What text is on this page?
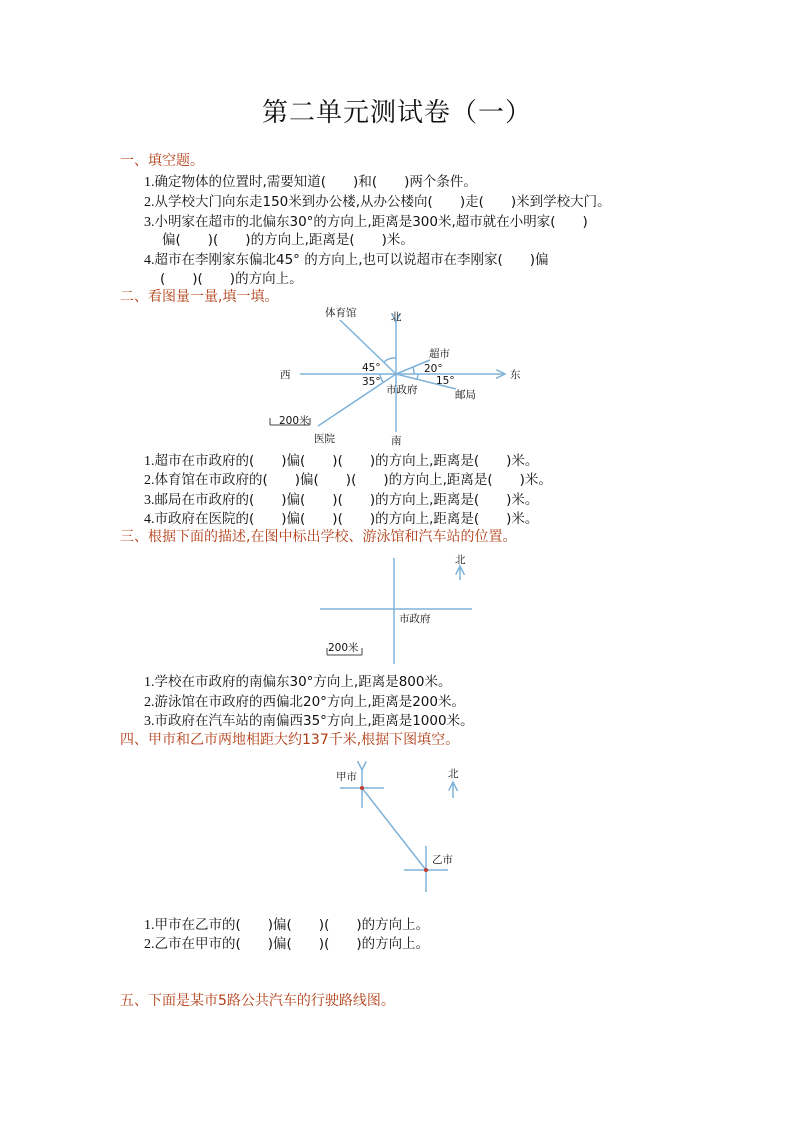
第二单元测试卷（一）
一、填空题。
1.确定物体的位置时,需要知道(　　)和(　　)两个条件。
2.从学校大门向东走150米到办公楼,从办公楼向(　　)走(　　)米到学校大门。
3.小明家在超市的北偏东30°的方向上,距离是300米,超市就在小明家(　　)
偏(　　)(　　)的方向上,距离是(　　)米。
4.超市在李刚家东偏北45° 的方向上,也可以说超市在李刚家(　　)偏
(　　)(　　)的方向上。
二、看图量一量,填一填。
北
南
西	东
体育馆
超市
市政府	邮局
医院
45°
35°
20°
15°
200米
北
市政府
200米
北
甲市
乙市
1.超市在市政府的(　　)偏(　　)(　　)的方向上,距离是(　　)米。
2.体育馆在市政府的(　　)偏(　　)(　　)的方向上,距离是(　　)米。
3.邮局在市政府的(　　)偏(　　)(　　)的方向上,距离是(　　)米。
4.市政府在医院的(　　)偏(　　)(　　)的方向上,距离是(　　)米。
三、根据下面的描述,在图中标出学校、游泳馆和汽车站的位置。
1.学校在市政府的南偏东30°方向上,距离是800米。
2.游泳馆在市政府的西偏北20°方向上,距离是200米。
3.市政府在汽车站的南偏西35°方向上,距离是1000米。
四、甲市和乙市两地相距大约137千米,根据下图填空。
1.甲市在乙市的(　　)偏(　　)(　　)的方向上。
2.乙市在甲市的(　　)偏(　　)(　　)的方向上。
五、下面是某市5路公共汽车的行驶路线图。
